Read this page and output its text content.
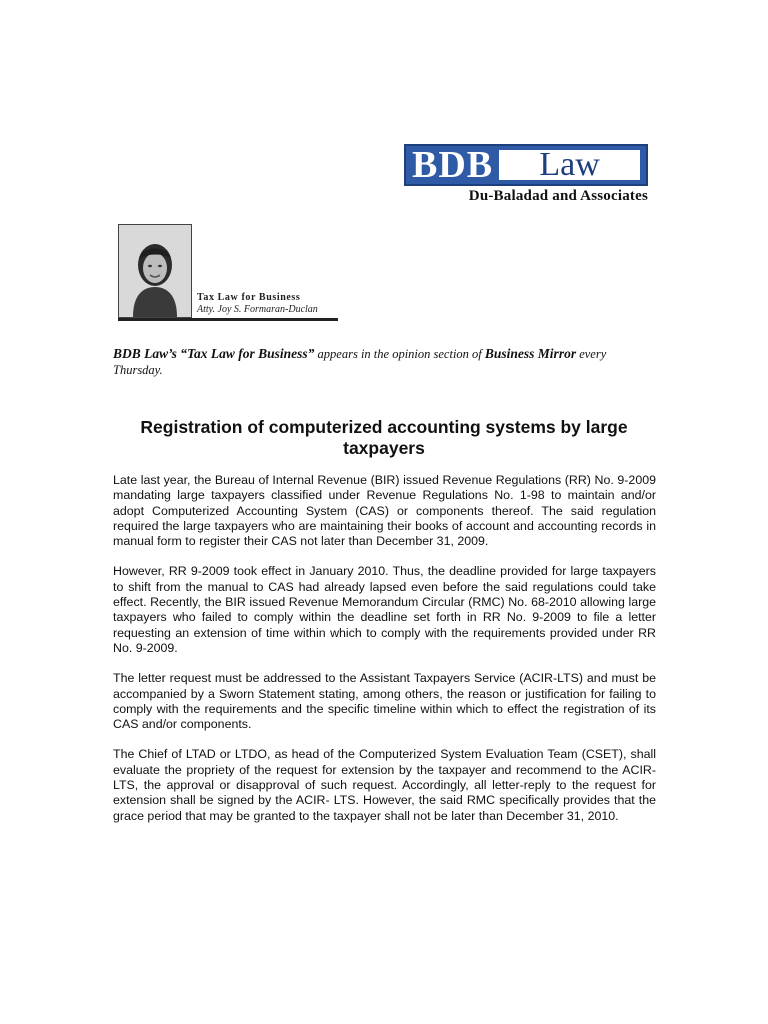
BDB	Law
Du-Baladad and Associates
Tax Law for Business
Atty. Joy S. Formaran-Duclan
BDB Law’s “Tax Law for Business” appears in the opinion section of Business Mirror every Thursday.
Registration of computerized accounting systems by large taxpayers

Late last year, the Bureau of Internal Revenue (BIR) issued Revenue Regulations (RR) No. 9-2009 mandating large taxpayers classified under Revenue Regulations No. 1-98 to maintain and/or adopt Computerized Accounting System (CAS) or components thereof. The said regulation required the large taxpayers who are maintaining their books of account and accounting records in manual form to register their CAS not later than December 31, 2009.

However, RR 9-2009 took effect in January 2010. Thus, the deadline provided for large taxpayers to shift from the manual to CAS had already lapsed even before the said regulations could take effect. Recently, the BIR issued Revenue Memorandum Circular (RMC) No. 68-2010 allowing large taxpayers who failed to comply within the deadline set forth in RR No. 9-2009 to file a letter requesting an extension of time within which to comply with the requirements provided under RR No. 9-2009.

The letter request must be addressed to the Assistant Taxpayers Service (ACIR-LTS) and must be accompanied by a Sworn Statement stating, among others, the reason or justification for failing to comply with the requirements and the specific timeline within which to effect the registration of its CAS and/or components.

The Chief of LTAD or LTDO, as head of the Computerized System Evaluation Team (CSET), shall evaluate the propriety of the request for extension by the taxpayer and recommend to the ACIR-LTS, the approval or disapproval of such request. Accordingly, all letter-reply to the request for extension shall be signed by the ACIR- LTS. However, the said RMC specifically provides that the grace period that may be granted to the taxpayer shall not be later than December 31, 2010.
